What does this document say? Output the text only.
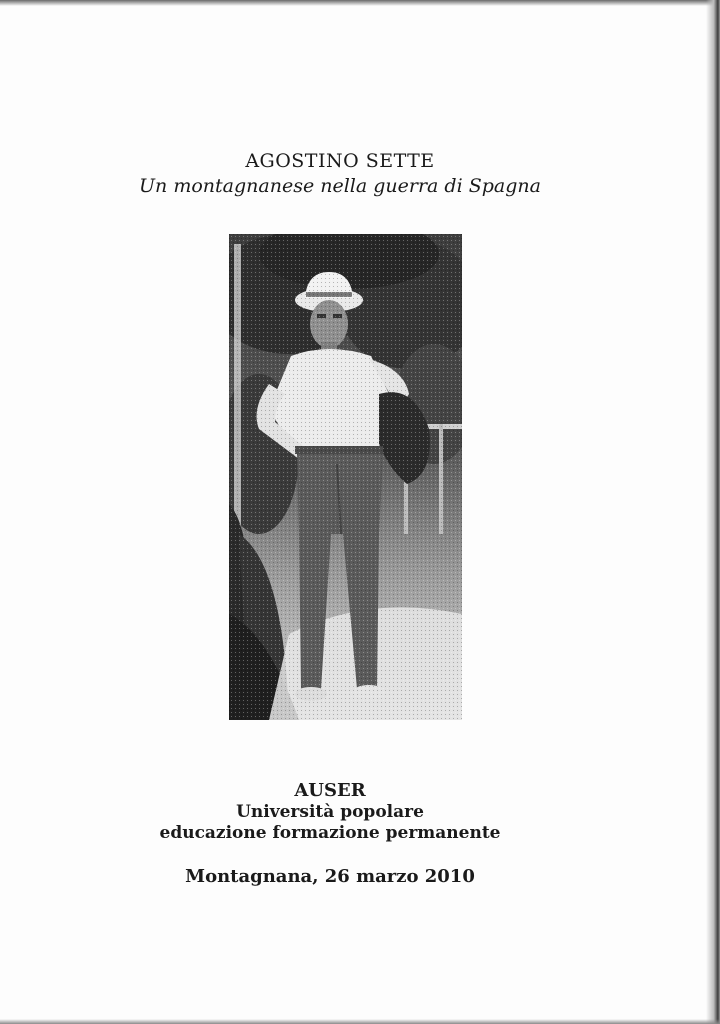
AGOSTINO SETTE
Un montagnanese nella guerra di Spagna
AUSER
Università popolare
educazione formazione permanente
Montagnana, 26 marzo 2010
